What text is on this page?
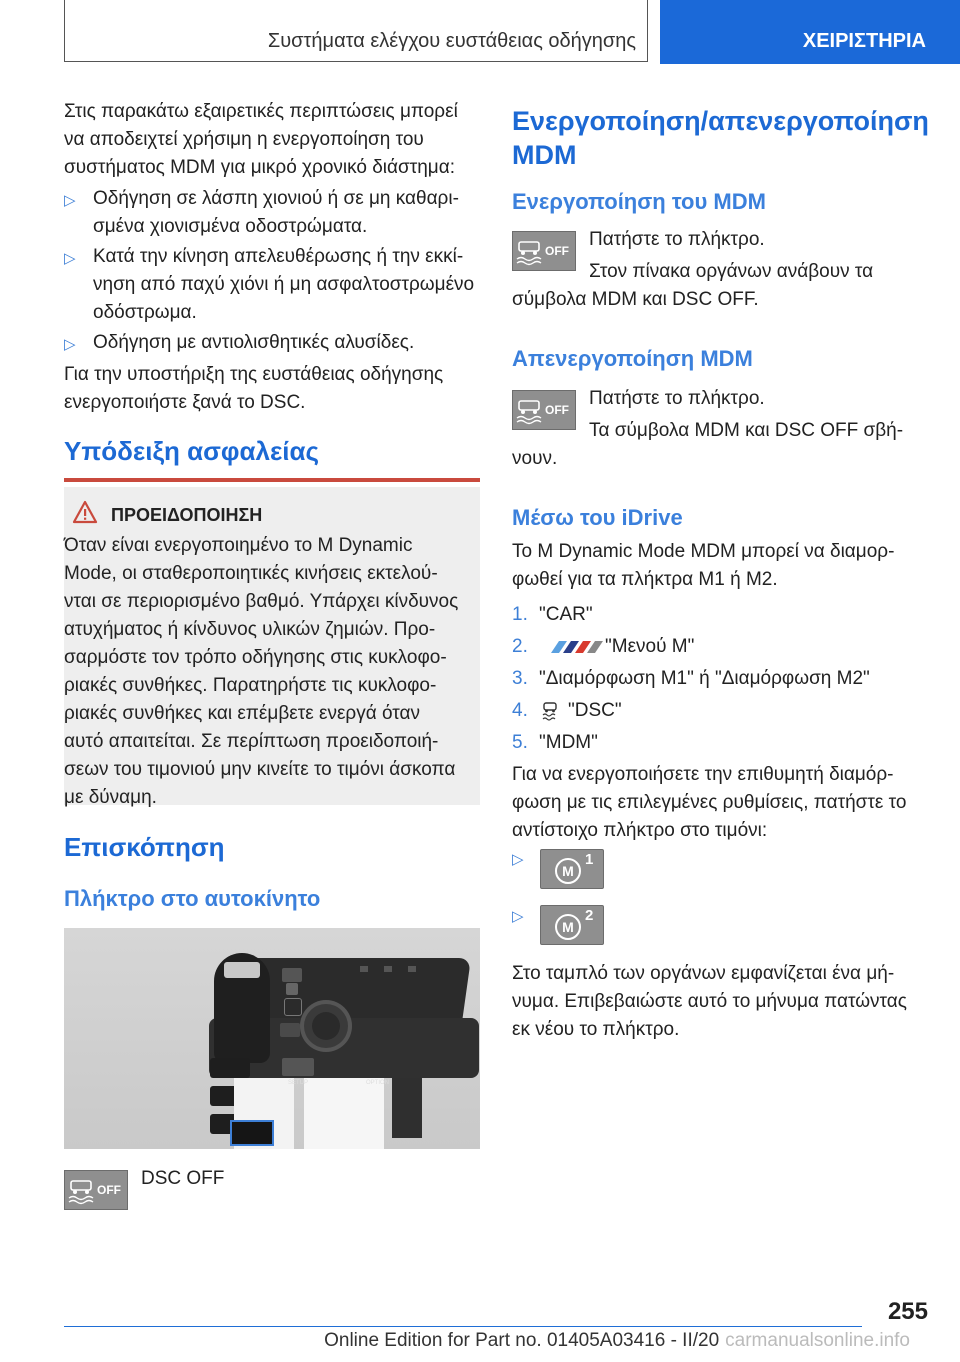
Συστήματα ελέγχου ευστάθειας οδήγησης	ΧΕΙΡΙΣΤΗΡΙΑ
Στις παρακάτω εξαιρετικές περιπτώσεις μπορεί
να αποδειχτεί χρήσιμη η ενεργοποίηση του
συστήματος MDM για μικρό χρονικό διάστημα:
▷ Οδήγηση σε λάσπη χιονιού ή σε μη καθαρι-
σμένα χιονισμένα οδοστρώματα.
▷ Κατά την κίνηση απελευθέρωσης ή την εκκί-
νηση από παχύ χιόνι ή μη ασφαλτοστρωμένο
οδόστρωμα.
▷ Οδήγηση με αντιολισθητικές αλυσίδες.
Για την υποστήριξη της ευστάθειας οδήγησης
ενεργοποιήστε ξανά το DSC.
Υπόδειξη ασφαλείας
ΠΡΟΕΙΔΟΠΟΙΗΣΗ
Όταν είναι ενεργοποιημένο το M Dynamic
Mode, οι σταθεροποιητικές κινήσεις εκτελού-
νται σε περιορισμένο βαθμό. Υπάρχει κίνδυνος
ατυχήματος ή κίνδυνος υλικών ζημιών. Προ-
σαρμόστε τον τρόπο οδήγησης στις κυκλοφο-
ριακές συνθήκες. Παρατηρήστε τις κυκλοφο-
ριακές συνθήκες και επέμβετε ενεργά όταν
αυτό απαιτείται. Σε περίπτωση προειδοποιή-
σεων του τιμονιού μην κινείτε το τιμόνι άσκοπα
με δύναμη.
Επισκόπηση
Πλήκτρο στο αυτοκίνητο
SETUP	OPTION
OFF
DSC OFF
Ενεργοποίηση/απενεργοποίηση
MDM
Ενεργοποίηση του MDM
OFF
Πατήστε το πλήκτρο.
Στον πίνακα οργάνων ανάβουν τα
σύμβολα MDM και DSC OFF.
Απενεργοποίηση MDM
OFF
Πατήστε το πλήκτρο.
Τα σύμβολα MDM και DSC OFF σβή-
νουν.
Μέσω του iDrive
Το M Dynamic Mode MDM μπορεί να διαμορ-
φωθεί για τα πλήκτρα M1 ή M2.
1. "CAR"
2.	"Μενού M"
3. "Διαμόρφωση M1" ή "Διαμόρφωση M2"
4. "DSC"
5. "MDM"
Για να ενεργοποιήσετε την επιθυμητή διαμόρ-
φωση με τις επιλεγμένες ρυθμίσεις, πατήστε το
αντίστοιχο πλήκτρο στο τιμόνι:
▷
M
1
▷
M
2
Στο ταμπλό των οργάνων εμφανίζεται ένα μή-
νυμα. Επιβεβαιώστε αυτό το μήνυμα πατώντας
εκ νέου το πλήκτρο.
255
Online Edition for Part no. 01405A03416 - II/20 carmanualsonline.info
